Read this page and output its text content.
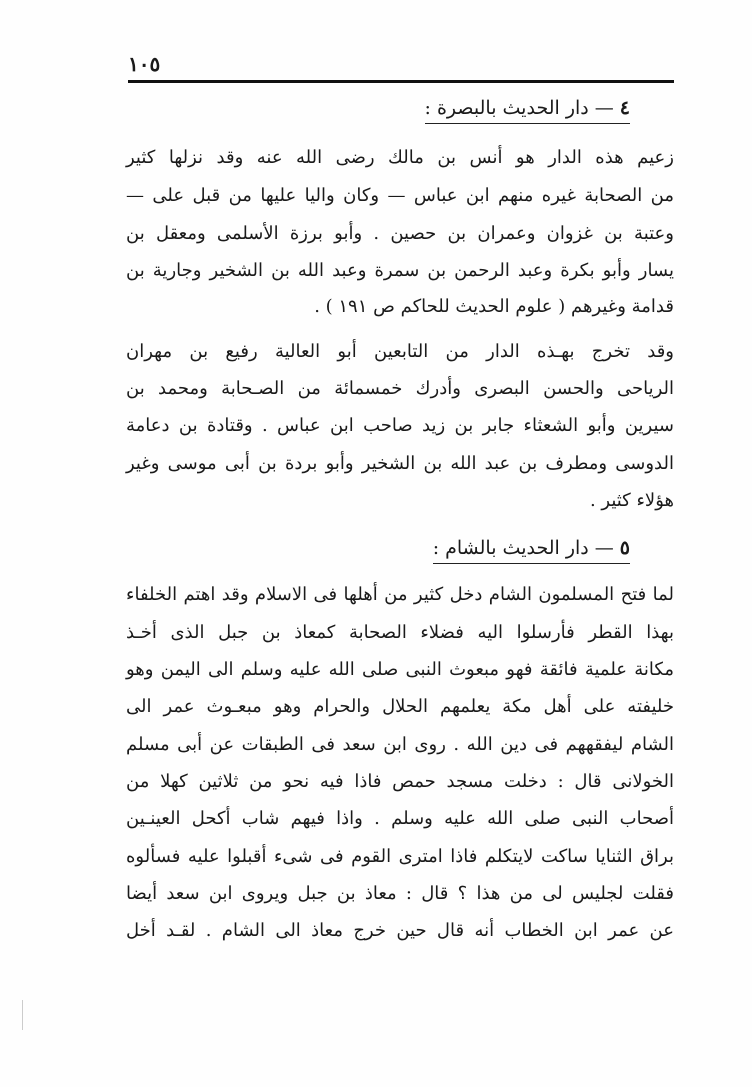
١٠٥
٤— دار الحديث بالبصرة :
زعيم هذه الدار هو أنس بن مالك رضى الله عنه وقد نزلها كثير
من الصحابة غيره منهم ابن عباس — وكان واليا عليها من قبل على —
وعتبة بن غزوان وعمران بن حصين . وأبو برزة الأسلمى ومعقل بن
يسار وأبو بكرة وعبد الرحمن بن سمرة وعبد الله بن الشخير وجارية بن
قدامة وغيرهم ( علوم الحديث للحاكم ص ١٩١ ) .
وقد تخرج بهـذه الدار من التابعين أبو العالية رفيع بن مهران
الرياحى والحسن البصرى وأدرك خمسمائة من الصـحابة ومحمد بن
سيرين وأبو الشعثاء جابر بن زيد صاحب ابن عباس . وقتادة بن دعامة
الدوسى ومطرف بن عبد الله بن الشخير وأبو بردة بن أبى موسى وغير
هؤلاء كثير .
٥— دار الحديث بالشام :
لما فتح المسلمون الشام دخل كثير من أهلها فى الاسلام وقد اهتم الخلفاء
بهذا القطر فأرسلوا اليه فضلاء الصحابة كمعاذ بن جبل الذى أخـذ
مكانة علمية فائقة فهو مبعوث النبى صلى الله عليه وسلم الى اليمن وهو
خليفته على أهل مكة يعلمهم الحلال والحرام وهو مبعـوث عمر الى
الشام ليفقههم فى دين الله . روى ابن سعد فى الطبقات عن أبى مسلم
الخولانى قال : دخلت مسجد حمص فاذا فيه نحو من ثلاثين كهلا من
أصحاب النبى صلى الله عليه وسلم . واذا فيهم شاب أكحل العينـين
براق الثنايا ساكت لايتكلم فاذا امترى القوم فى شىء أقبلوا عليه فسألوه
فقلت لجليس لى من هذا ؟ قال : معاذ بن جبل ويروى ابن سعد أيضا
عن عمر ابن الخطاب أنه قال حين خرج معاذ الى الشام . لقـد أخل
